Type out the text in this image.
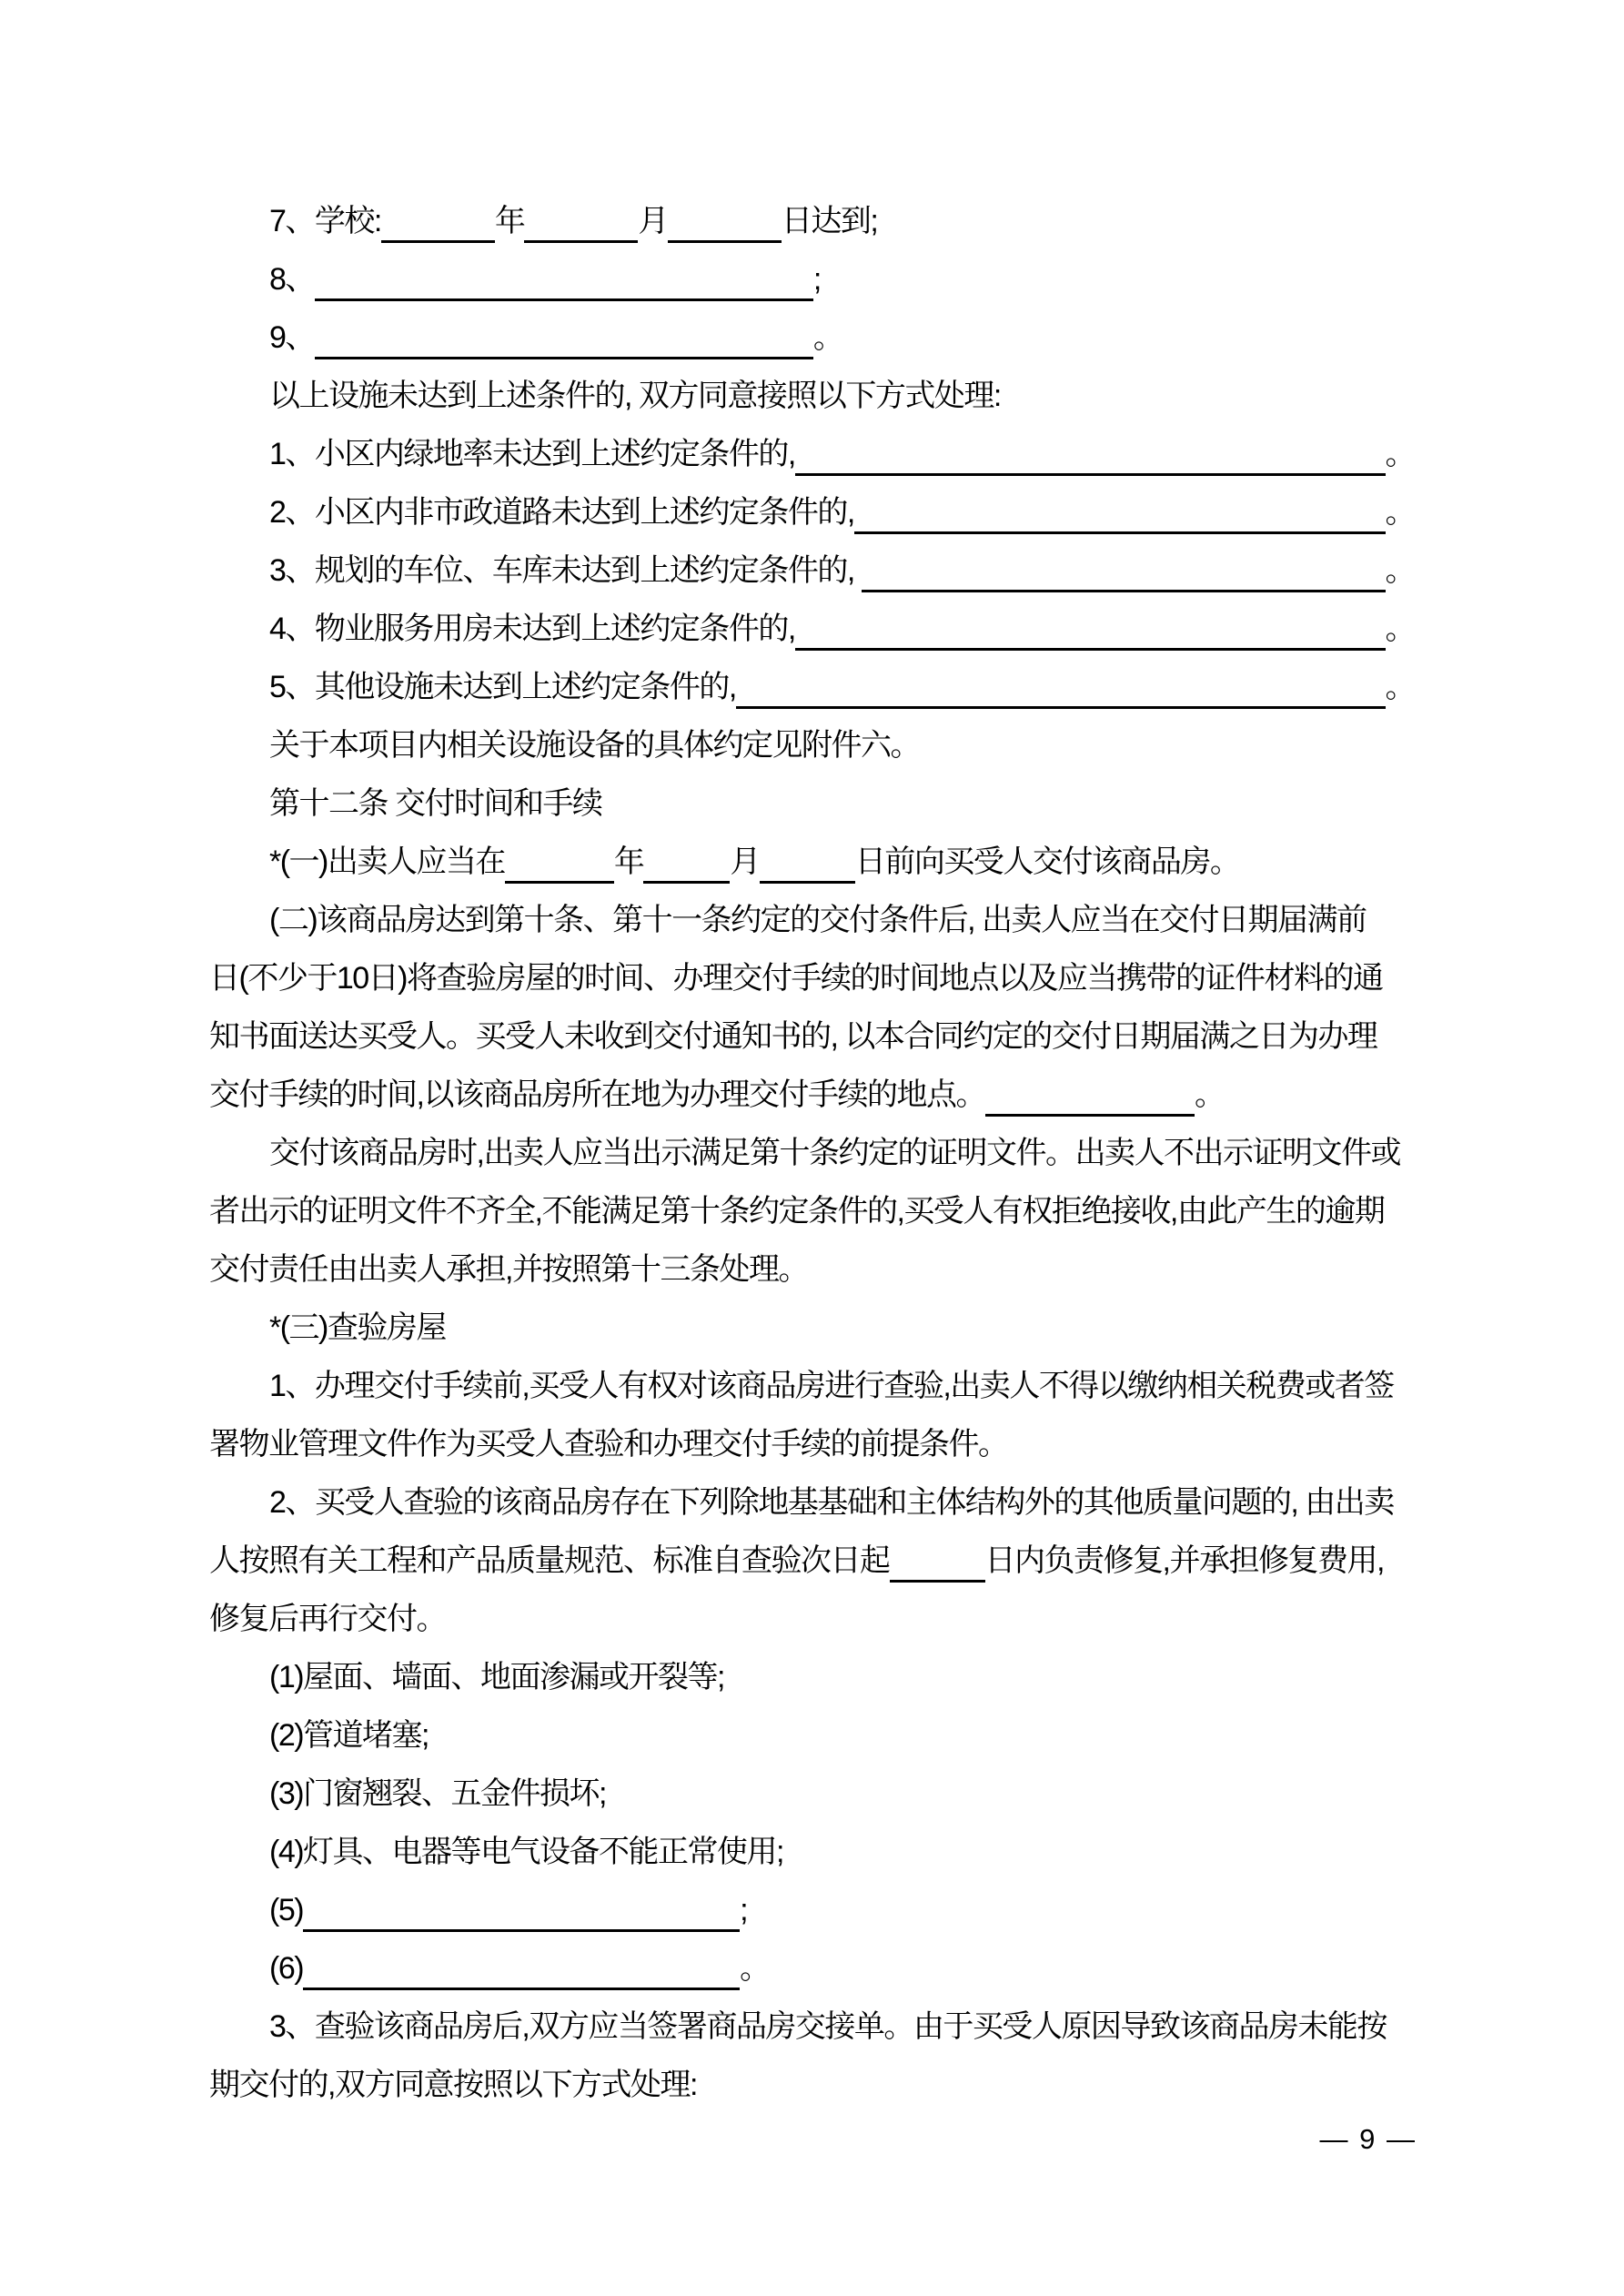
7、学校:	年	月	日达到;
8、	;
9、	。
以上设施未达到上述条件的, 双方同意接照以下方式处理:
1、小区内绿地率未达到上述约定条件的,	。
2、小区内非市政道路未达到上述约定条件的,	。
3、规划的车位、车库未达到上述约定条件的,	。
4、物业服务用房未达到上述约定条件的,	。
5、其他设施未达到上述约定条件的,	。
关于本项目内相关设施设备的具体约定见附件六。
第十二条 交付时间和手续
*(一)出卖人应当在	年	月	日前向买受人交付该商品房。
(二)该商品房达到第十条、第十一条约定的交付条件后, 出卖人应当在交付日期届满前
日(不少于10日)将查验房屋的时间、办理交付手续的时间地点以及应当携带的证件材料的通
知书面送达买受人。买受人未收到交付通知书的, 以本合同约定的交付日期届满之日为办理
交付手续的时间,以该商品房所在地为办理交付手续的地点。	。
交付该商品房时,出卖人应当出示满足第十条约定的证明文件。出卖人不出示证明文件或
者出示的证明文件不齐全,不能满足第十条约定条件的,买受人有权拒绝接收,由此产生的逾期
交付责任由出卖人承担,并按照第十三条处理。
*(三)查验房屋
1、办理交付手续前,买受人有权对该商品房进行查验,出卖人不得以缴纳相关税费或者签
署物业管理文件作为买受人查验和办理交付手续的前提条件。
2、买受人查验的该商品房存在下列除地基基础和主体结构外的其他质量问题的, 由出卖
人按照有关工程和产品质量规范、标准自查验次日起	日内负责修复,并承担修复费用,
修复后再行交付。
(1)屋面、墙面、地面渗漏或开裂等;
(2)管道堵塞;
(3)门窗翘裂、五金件损坏;
(4)灯具、电器等电气设备不能正常使用;
(5)	;
(6)	。
3、查验该商品房后,双方应当签署商品房交接单。由于买受人原因导致该商品房未能按
期交付的,双方同意按照以下方式处理:
— 9 —
